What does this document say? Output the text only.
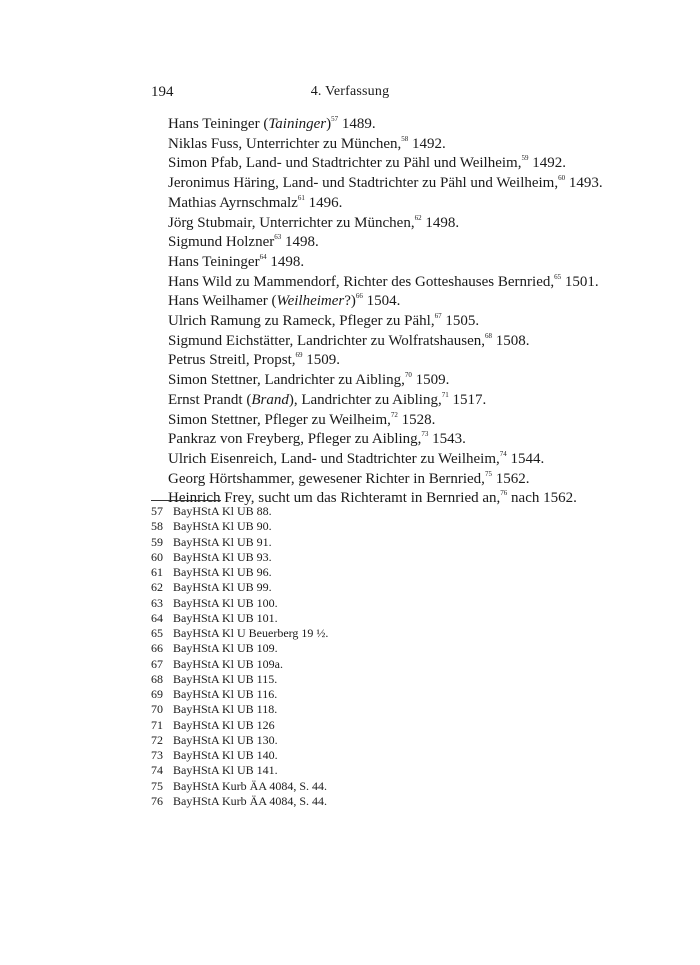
194	4. Verfassung
Hans Teininger (Taininger)$^{57}$ 1489.
Niklas Fuss, Unterrichter zu München,$^{58}$ 1492.
Simon Pfab, Land- und Stadtrichter zu Pähl und Weilheim,$^{59}$ 1492.
Jeronimus Häring, Land- und Stadtrichter zu Pähl und Weilheim,$^{60}$ 1493.
Mathias Ayrnschmalz$^{61}$ 1496.
Jörg Stubmair, Unterrichter zu München,$^{62}$ 1498.
Sigmund Holzner$^{63}$ 1498.
Hans Teininger$^{64}$ 1498.
Hans Wild zu Mammendorf, Richter des Gotteshauses Bernried,$^{65}$ 1501.
Hans Weilhamer (Weilheimer?)$^{66}$ 1504.
Ulrich Ramung zu Rameck, Pfleger zu Pähl,$^{67}$ 1505.
Sigmund Eichstätter, Landrichter zu Wolfratshausen,$^{68}$ 1508.
Petrus Streitl, Propst,$^{69}$ 1509.
Simon Stettner, Landrichter zu Aibling,$^{70}$ 1509.
Ernst Prandt (Brand), Landrichter zu Aibling,$^{71}$ 1517.
Simon Stettner, Pfleger zu Weilheim,$^{72}$ 1528.
Pankraz von Freyberg, Pfleger zu Aibling,$^{73}$ 1543.
Ulrich Eisenreich, Land- und Stadtrichter zu Weilheim,$^{74}$ 1544.
Georg Hörtshammer, gewesener Richter in Bernried,$^{75}$ 1562.
Heinrich Frey, sucht um das Richteramt in Bernried an,$^{76}$ nach 1562.
57 BayHStA Kl UB 88.
58 BayHStA Kl UB 90.
59 BayHStA Kl UB 91.
60 BayHStA Kl UB 93.
61 BayHStA Kl UB 96.
62 BayHStA Kl UB 99.
63 BayHStA Kl UB 100.
64 BayHStA Kl UB 101.
65 BayHStA Kl U Beuerberg 19 ½.
66 BayHStA Kl UB 109.
67 BayHStA Kl UB 109a.
68 BayHStA Kl UB 115.
69 BayHStA Kl UB 116.
70 BayHStA Kl UB 118.
71 BayHStA Kl UB 126
72 BayHStA Kl UB 130.
73 BayHStA Kl UB 140.
74 BayHStA Kl UB 141.
75 BayHStA Kurb ÄA 4084, S. 44.
76 BayHStA Kurb ÄA 4084, S. 44.
